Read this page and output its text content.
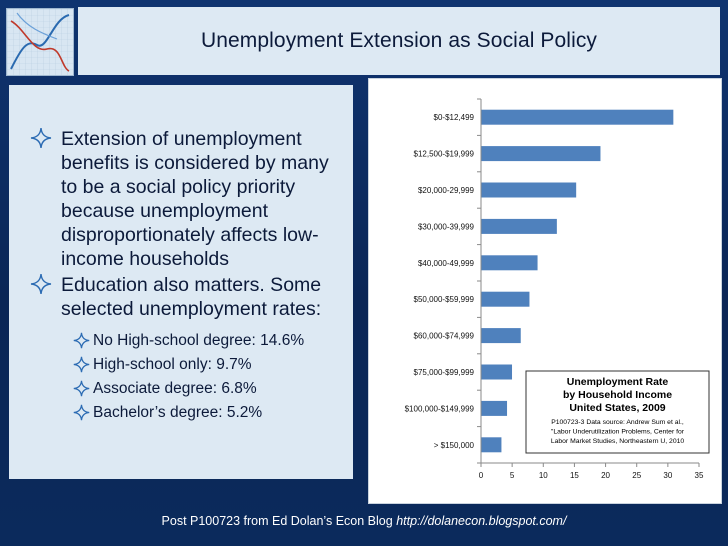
Unemployment Extension as Social Policy
Extension of unemployment benefits is considered by many to be a social policy priority because unemployment disproportionately affects low-income households
Education also matters. Some selected unemployment rates:
No High-school degree: 14.6%
High-school only: 9.7%
Associate degree: 6.8%
Bachelor’s degree: 5.2%
$0-$12,499
$12,500-$19,999
$20,000-29,999
$30,000-39,999
$40,000-49,999
$50,000-$59,999
$60,000-$74,999
$75,000-$99,999
$100,000-$149,999
> $150,000
0	5	10	15	20	25	30	35
Unemployment Rate
by Household Income
United States, 2009
P100723-3 Data source: Andrew Sum et al.,
"Labor Underutilization Problems, Center for
Labor Market Studies, Northeastern U, 2010
Post P100723 from Ed Dolan’s Econ Blog http://dolanecon.blogspot.com/
